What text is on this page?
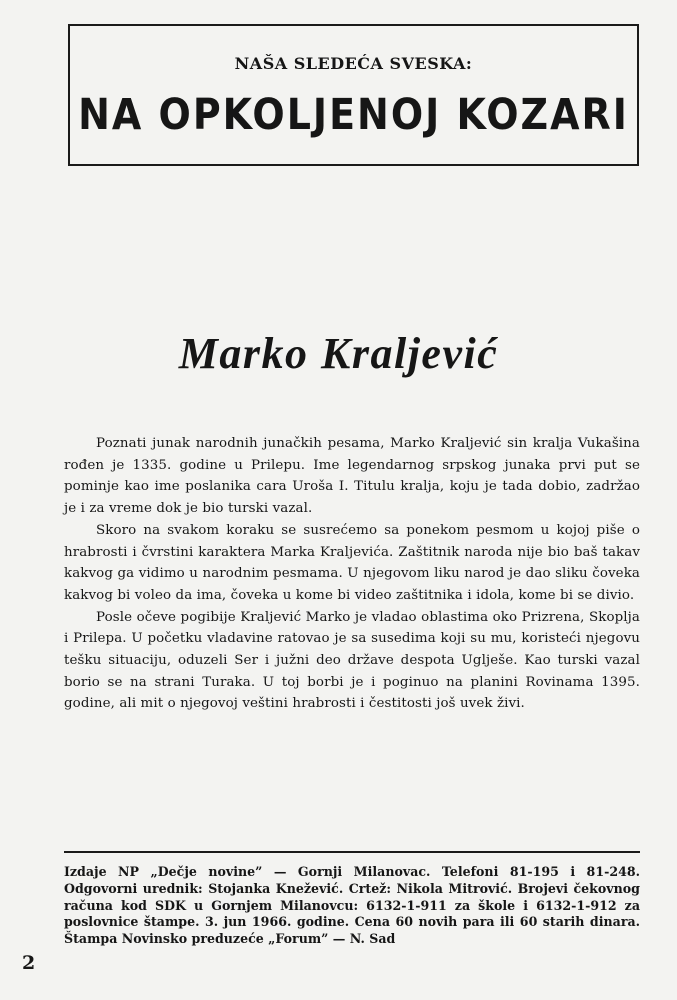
NAŠA SLEDEĆA SVESKA:
NA OPKOLJENOJ KOZARI
Marko Kraljević

Poznati junak narodnih junačkih pesama, Marko Kraljević sin kralja Vukašina rođen je 1335. godine u Prilepu. Ime legendarnog srpskog junaka prvi put se pominje kao ime poslanika cara Uroša I. Titulu kralja, koju je tada dobio, zadržao je i za vreme dok je bio turski vazal.

Skoro na svakom koraku se susrećemo sa ponekom pesmom u kojoj piše o hrabrosti i čvrstini karaktera Marka Kraljevića. Zaštitnik naroda nije bio baš takav kakvog ga vidimo u narodnim pesmama. U njegovom liku narod je dao sliku čoveka kakvog bi voleo da ima, čoveka u kome bi video zaštitnika i idola, kome bi se divio.

Posle očeve pogibije Kraljević Marko je vladao oblastima oko Prizrena, Skoplja i Prilepa. U početku vladavine ratovao je sa susedima koji su mu, koristeći njegovu tešku situaciju, oduzeli Ser i južni deo države despota Uglješe. Kao turski vazal borio se na strani Turaka. U toj borbi je i poginuo na planini Rovinama 1395. godine, ali mit o njegovoj veštini hrabrosti i čestitosti još uvek živi.

Izdaje NP „Dečje novine” — Gornji Milanovac. Telefoni 81-195 i 81-248. Odgovorni urednik: Stojanka Knežević. Crtež: Nikola Mitrović. Brojevi čekovnog računa kod SDK u Gornjem Milanovcu: 6132-1-911 za škole i 6132-1-912 za poslovnice štampe. 3. jun 1966. godine. Cena 60 novih para ili 60 starih dinara. Štampa Novinsko preduzeće „Forum” — N. Sad
2
